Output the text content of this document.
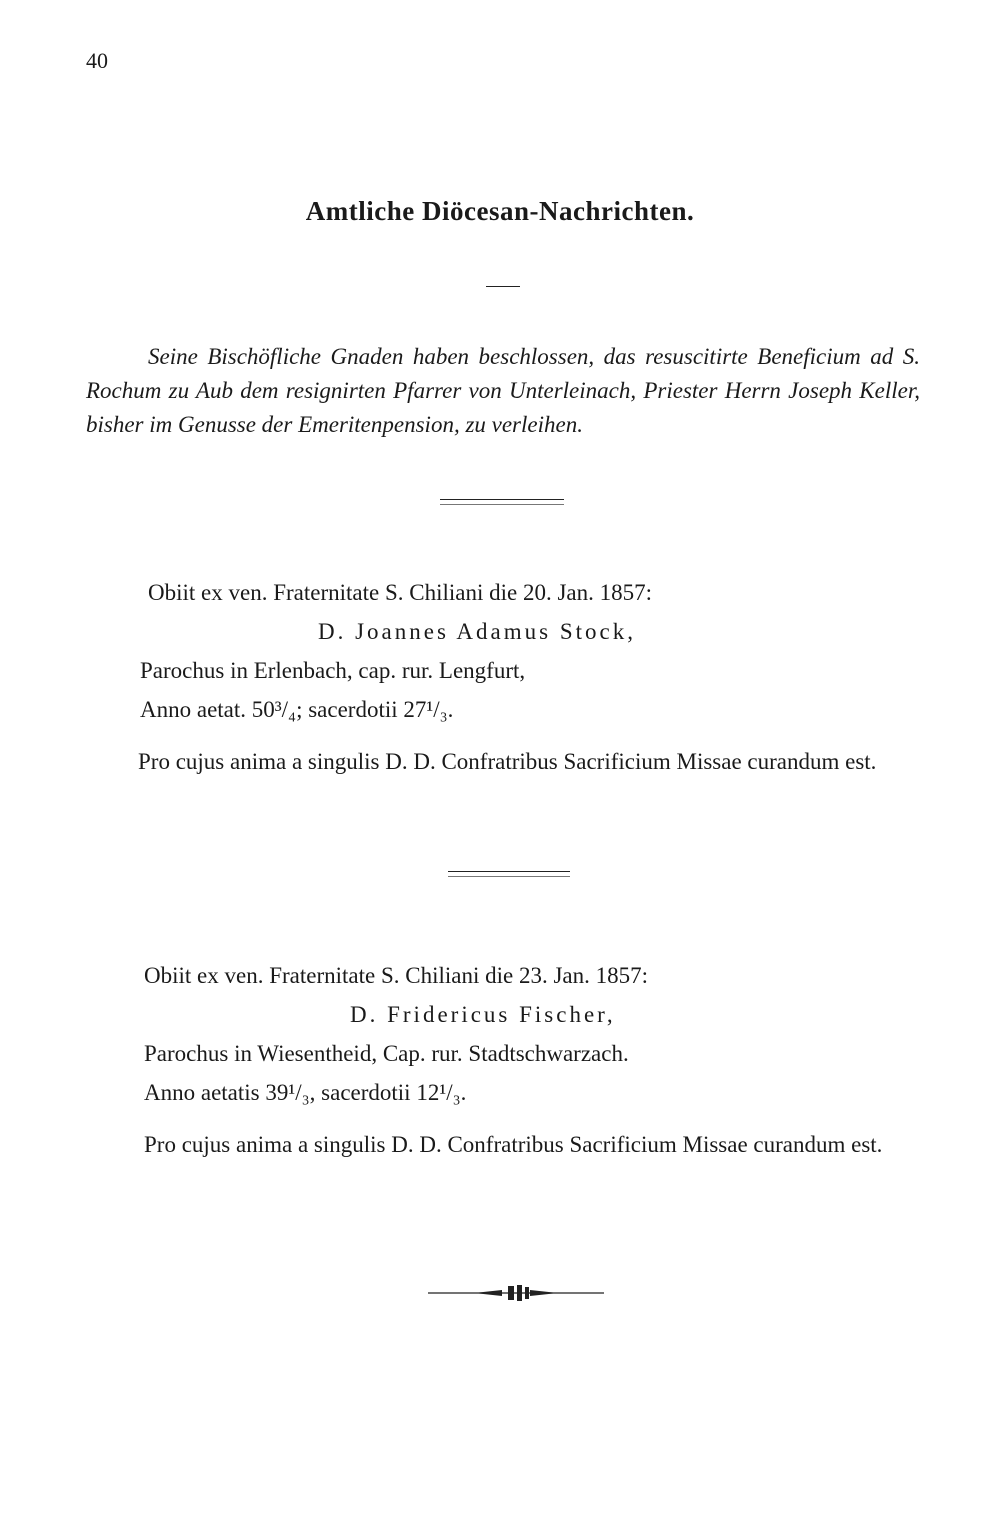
40
Amtliche Diöcesan-Nachrichten.
Seine Bischöfliche Gnaden haben beschlossen, das resuscitirte Beneficium ad S. Rochum zu Aub dem resignirten Pfarrer von Unterleinach, Priester Herrn Joseph Keller, bisher im Genusse der Emeritenpension, zu verleihen.
Obiit ex ven. Fraternitate S. Chiliani die 20. Jan. 1857:
D. Joannes Adamus Stock,
Parochus in Erlenbach, cap. rur. Lengfurt,
Anno aetat. 50³/₄; sacerdotii 27¹/₃.
Pro cujus anima a singulis D. D. Confratribus Sacrificium Missae curandum est.
Obiit ex ven. Fraternitate S. Chiliani die 23. Jan. 1857:
D. Fridericus Fischer,
Parochus in Wiesentheid, Cap. rur. Stadtschwarzach.
Anno aetatis 39¹/₃, sacerdotii 12¹/₃.
Pro cujus anima a singulis D. D. Confratribus Sacrificium Missae curandum est.
